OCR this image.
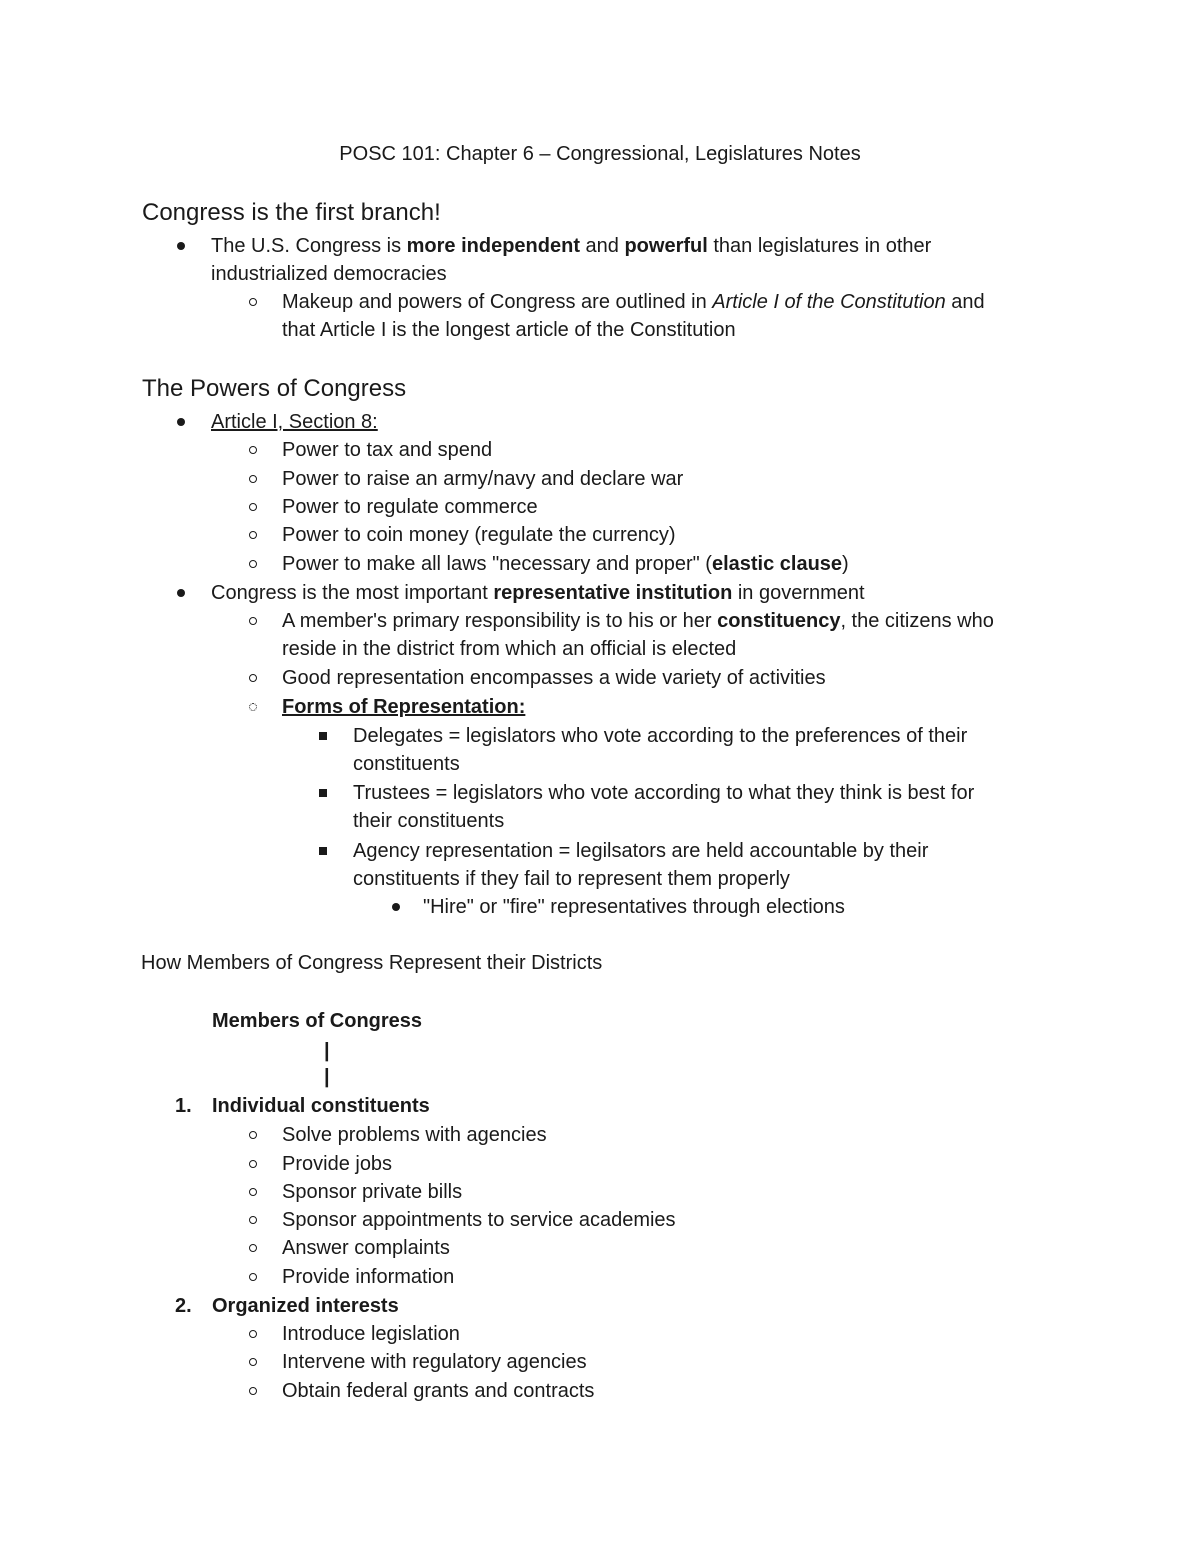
POSC 101: Chapter 6 – Congressional, Legislatures Notes
Congress is the first branch!
The U.S. Congress is more independent and powerful than legislatures in other
industrialized democracies
Makeup and powers of Congress are outlined in Article I of the Constitution and
that Article I is the longest article of the Constitution
The Powers of Congress
Article I, Section 8:
Power to tax and spend
Power to raise an army/navy and declare war
Power to regulate commerce
Power to coin money (regulate the currency)
Power to make all laws "necessary and proper" (elastic clause)
Congress is the most important representative institution in government
A member's primary responsibility is to his or her constituency, the citizens who
reside in the district from which an official is elected
Good representation encompasses a wide variety of activities
Forms of Representation:
Delegates = legislators who vote according to the preferences of their
constituents
Trustees = legislators who vote according to what they think is best for
their constituents
Agency representation = legilsators are held accountable by their
constituents if they fail to represent them properly
"Hire" or "fire" representatives through elections
How Members of Congress Represent their Districts
Members of Congress
|
|
1. Individual constituents
Solve problems with agencies
Provide jobs
Sponsor private bills
Sponsor appointments to service academies
Answer complaints
Provide information
2. Organized interests
Introduce legislation
Intervene with regulatory agencies
Obtain federal grants and contracts
